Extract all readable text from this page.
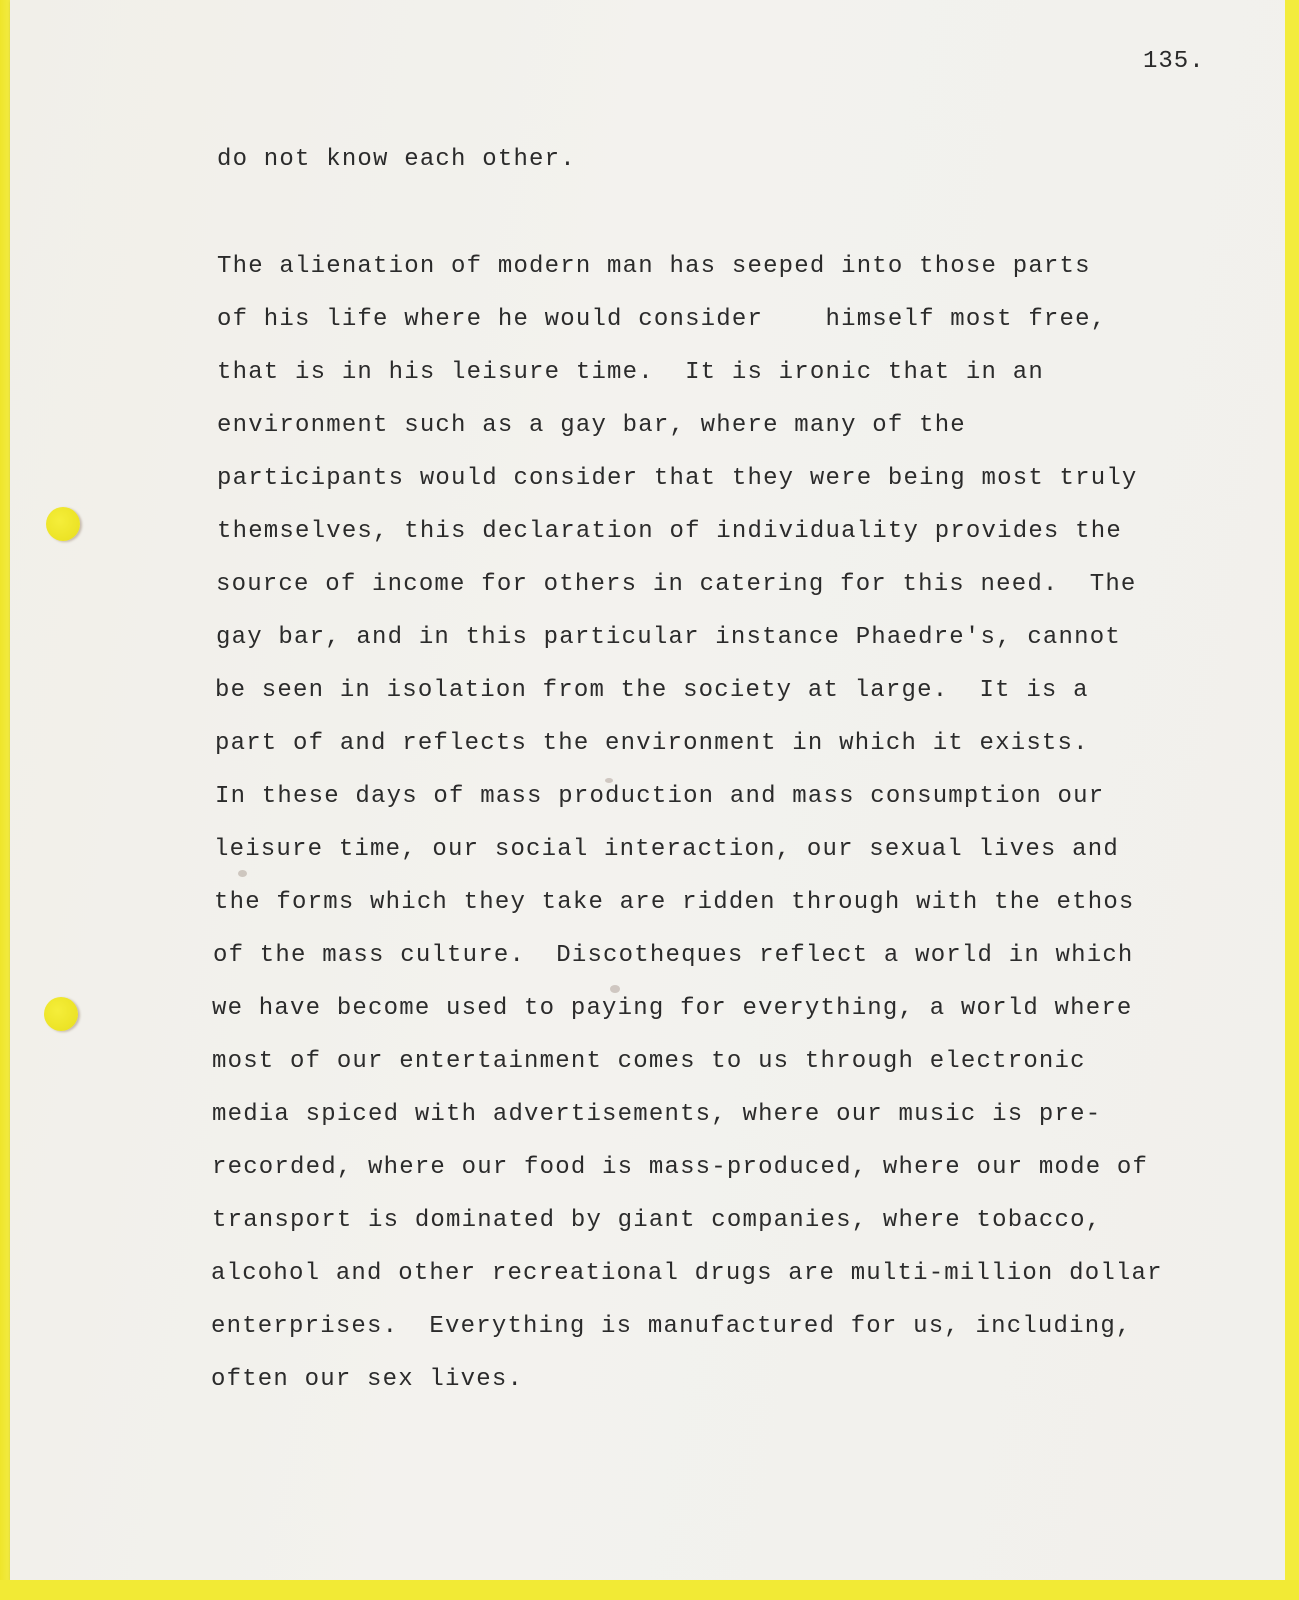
135.

do not know each other.

The alienation of modern man has seeped into those parts

of his life where he would consider    himself most free,

that is in his leisure time.  It is ironic that in an

environment such as a gay bar, where many of the

participants would consider that they were being most truly

themselves, this declaration of individuality provides the

source of income for others in catering for this need.  The

gay bar, and in this particular instance Phaedre's, cannot

be seen in isolation from the society at large.  It is a

part of and reflects the environment in which it exists.

In these days of mass production and mass consumption our

leisure time, our social interaction, our sexual lives and

the forms which they take are ridden through with the ethos

of the mass culture.  Discotheques reflect a world in which

we have become used to paying for everything, a world where

most of our entertainment comes to us through electronic

media spiced with advertisements, where our music is pre-

recorded, where our food is mass-produced, where our mode of

transport is dominated by giant companies, where tobacco,

alcohol and other recreational drugs are multi-million dollar

enterprises.  Everything is manufactured for us, including,

often our sex lives.
